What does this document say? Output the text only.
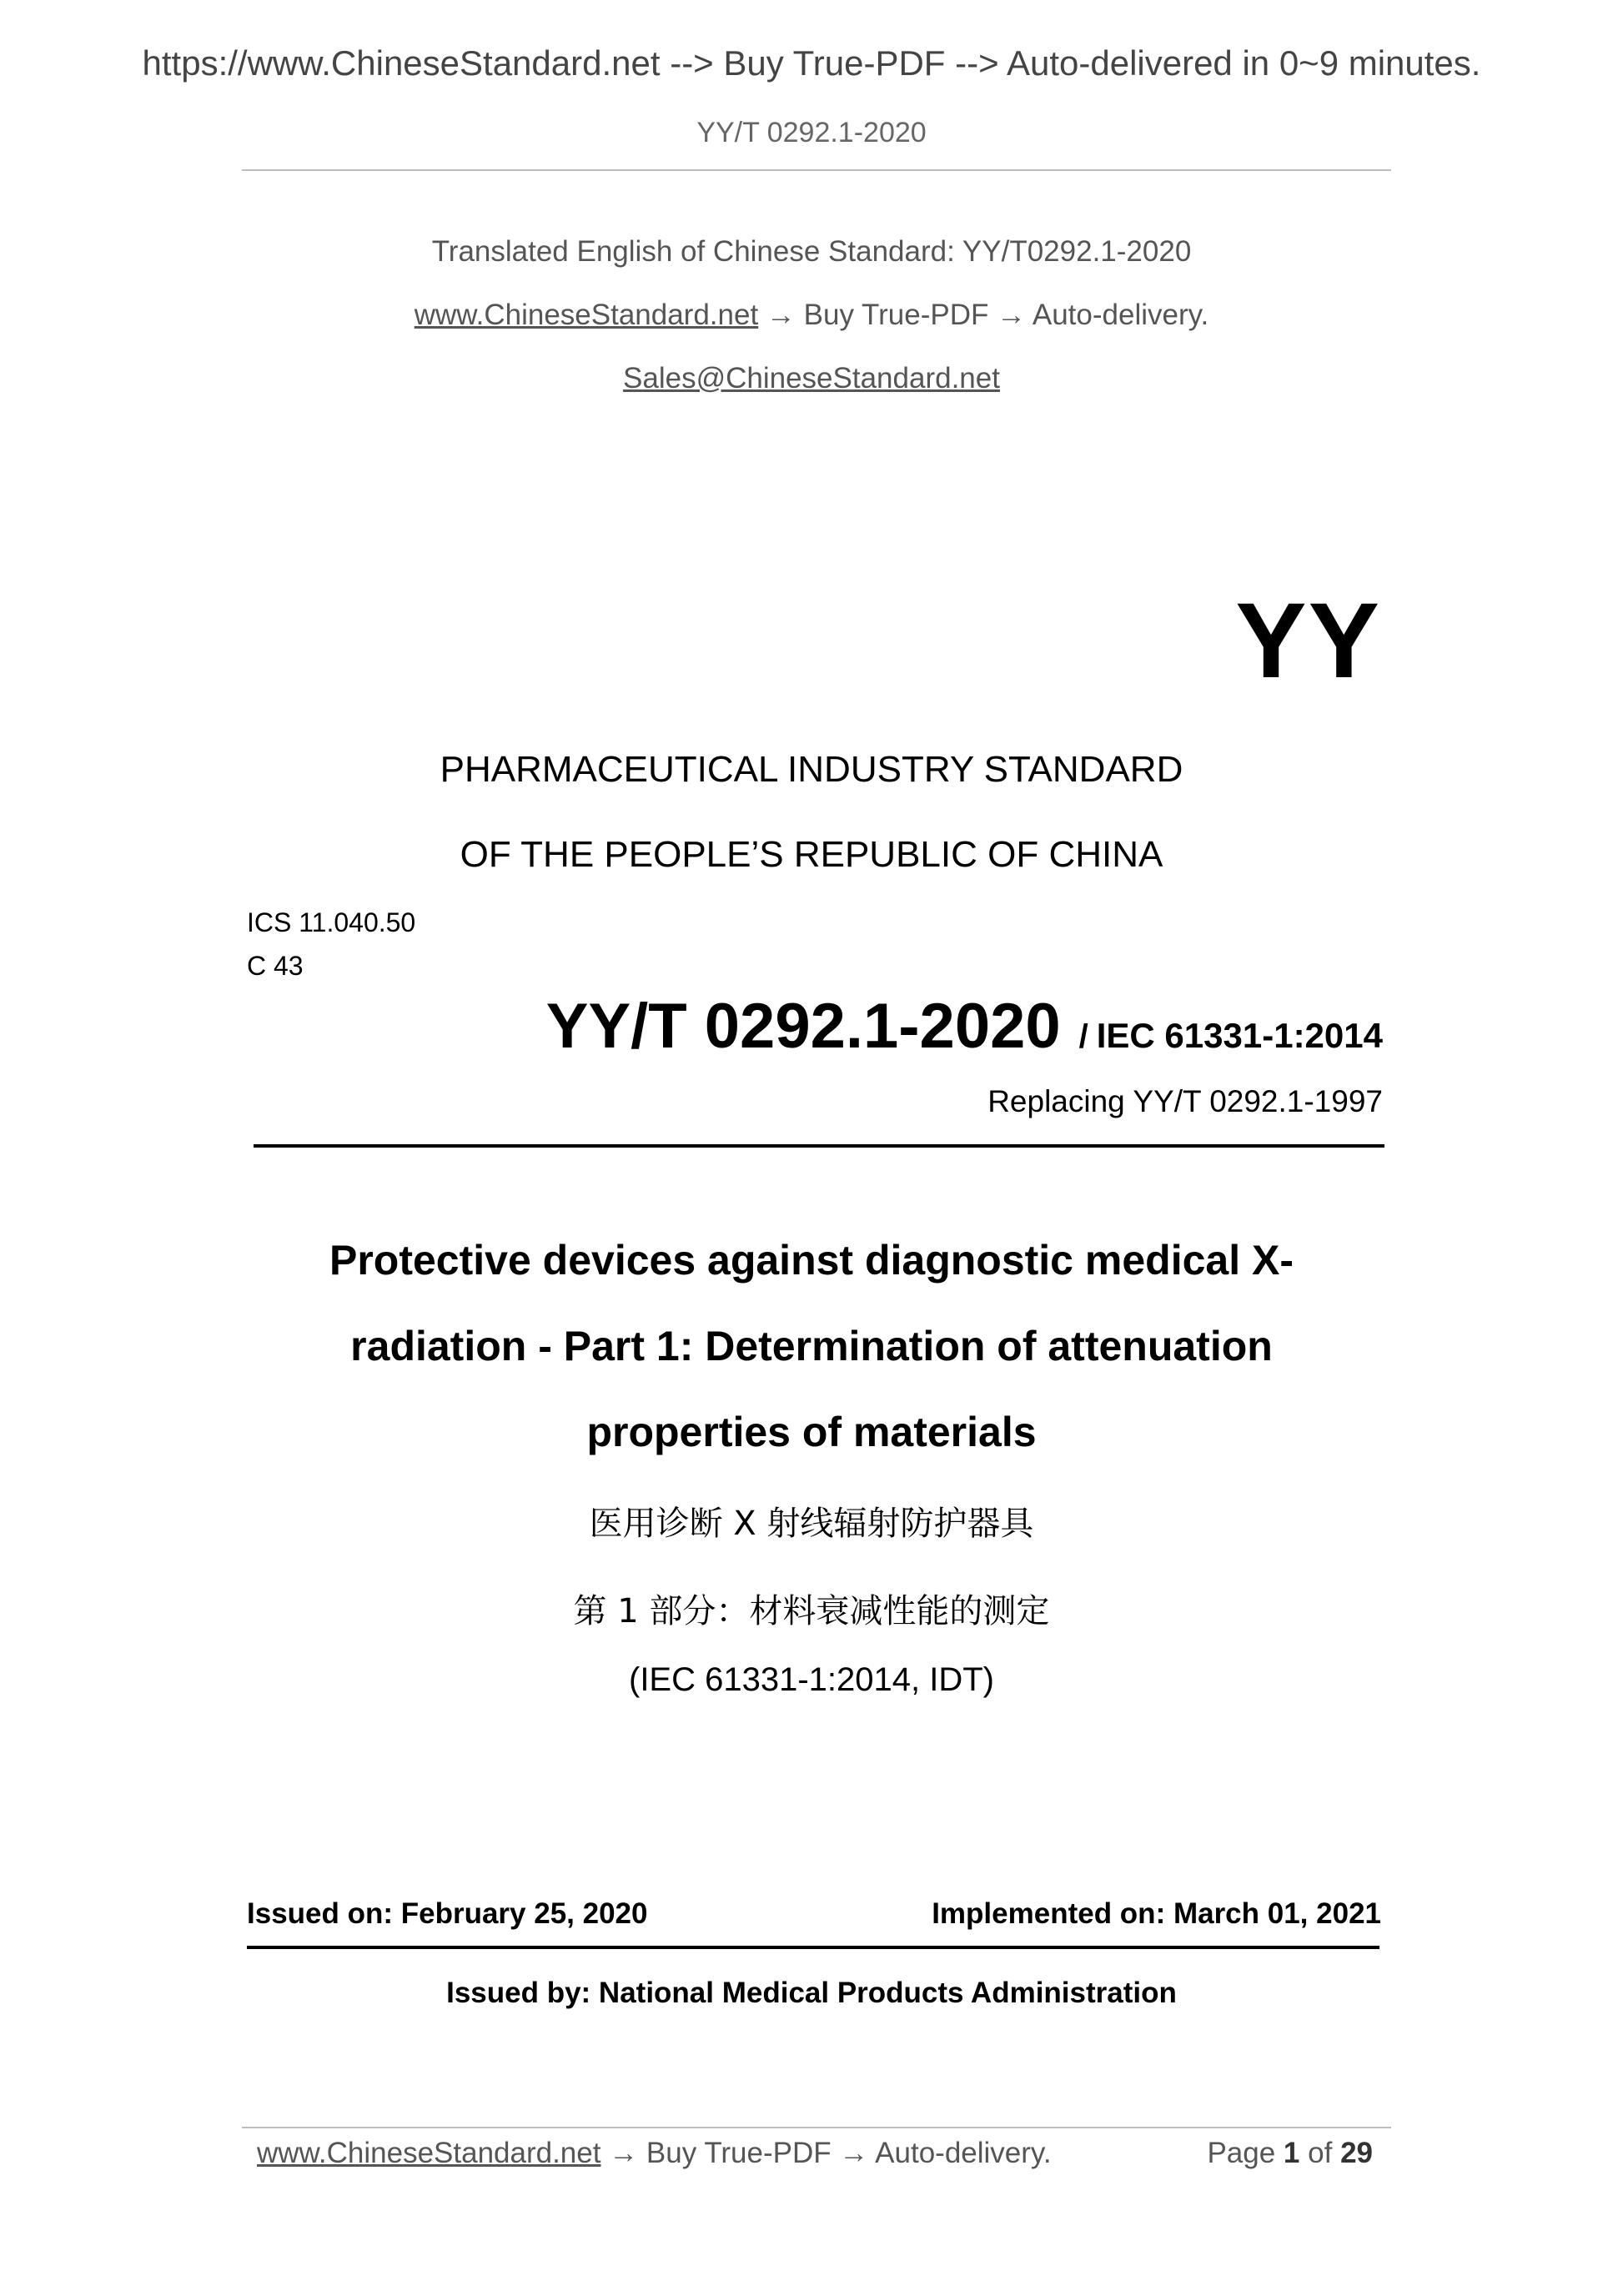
https://www.ChineseStandard.net --> Buy True-PDF --> Auto-delivered in 0~9 minutes.
YY/T 0292.1-2020
Translated English of Chinese Standard: YY/T0292.1-2020
www.ChineseStandard.net → Buy True-PDF → Auto-delivery.
Sales@ChineseStandard.net
YY
PHARMACEUTICAL INDUSTRY STANDARD
OF THE PEOPLE’S REPUBLIC OF CHINA
ICS 11.040.50
C 43
YY/T 0292.1-2020 / IEC 61331-1:2014
Replacing YY/T 0292.1-1997
Protective devices against diagnostic medical X-
radiation - Part 1: Determination of attenuation
properties of materials
医用诊断 X 射线辐射防护器具
第 1 部分：材料衰减性能的测定
(IEC 61331-1:2014, IDT)
Issued on: February 25, 2020	Implemented on: March 01, 2021
Issued by: National Medical Products Administration
www.ChineseStandard.net → Buy True-PDF → Auto-delivery.	Page 1 of 29
